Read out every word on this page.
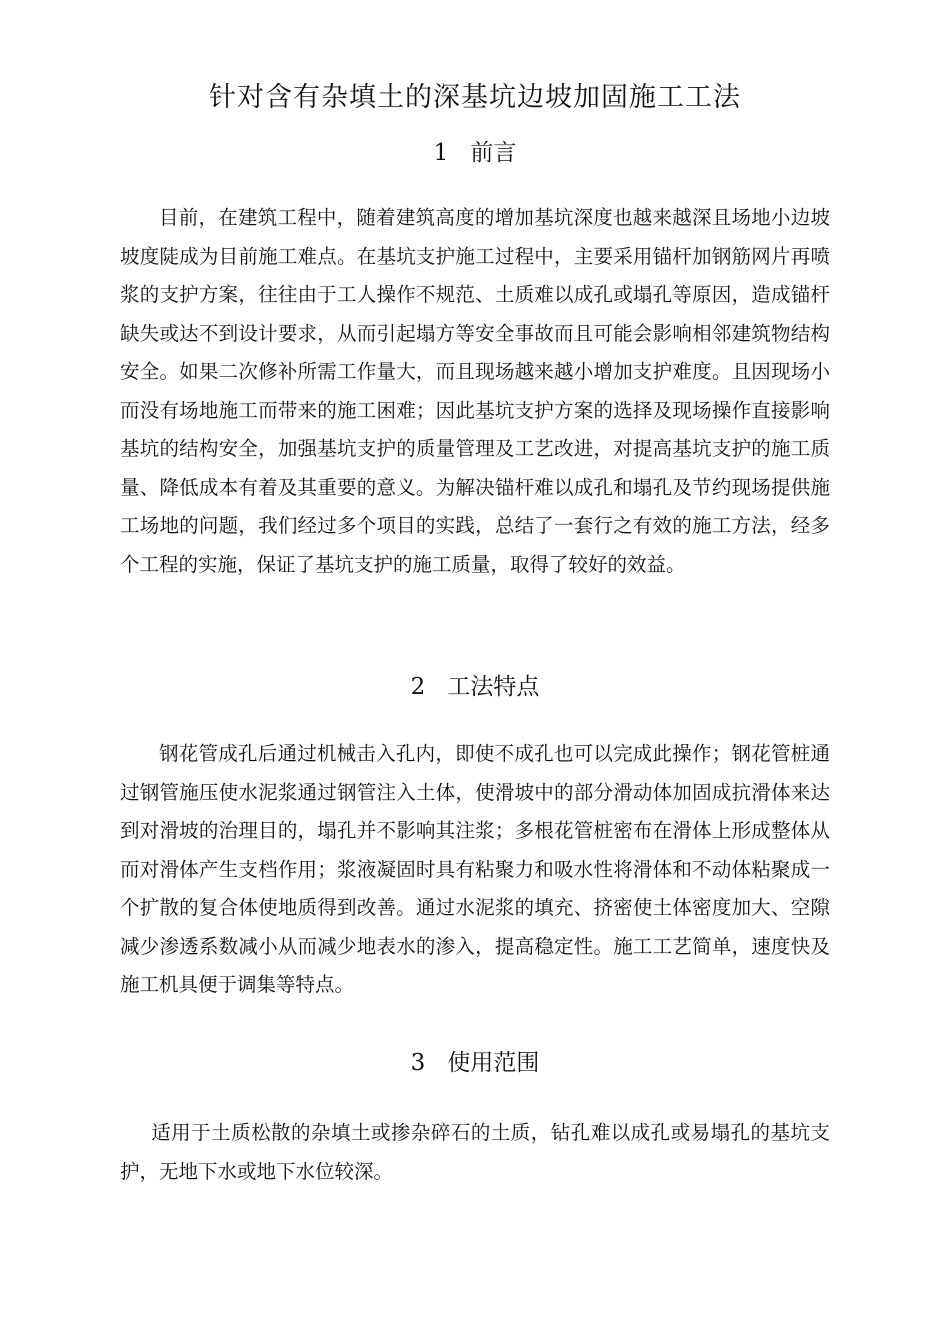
针对含有杂填土的深基坑边坡加固施工工法
1 前言

目前，在建筑工程中，随着建筑高度的增加基坑深度也越来越深且场地小边坡坡度陡成为目前施工难点。在基坑支护施工过程中，主要采用锚杆加钢筋网片再喷浆的支护方案，往往由于工人操作不规范、土质难以成孔或塌孔等原因，造成锚杆缺失或达不到设计要求，从而引起塌方等安全事故而且可能会影响相邻建筑物结构安全。如果二次修补所需工作量大，而且现场越来越小增加支护难度。且因现场小而没有场地施工而带来的施工困难；因此基坑支护方案的选择及现场操作直接影响基坑的结构安全，加强基坑支护的质量管理及工艺改进，对提高基坑支护的施工质量、降低成本有着及其重要的意义。为解决锚杆难以成孔和塌孔及节约现场提供施工场地的问题，我们经过多个项目的实践，总结了一套行之有效的施工方法，经多个工程的实施，保证了基坑支护的施工质量，取得了较好的效益。

2 工法特点

钢花管成孔后通过机械击入孔内，即使不成孔也可以完成此操作；钢花管桩通过钢管施压使水泥浆通过钢管注入土体，使滑坡中的部分滑动体加固成抗滑体来达到对滑坡的治理目的，塌孔并不影响其注浆；多根花管桩密布在滑体上形成整体从而对滑体产生支档作用；浆液凝固时具有粘聚力和吸水性将滑体和不动体粘聚成一个扩散的复合体使地质得到改善。通过水泥浆的填充、挤密使土体密度加大、空隙减少渗透系数减小从而减少地表水的渗入，提高稳定性。施工工艺简单，速度快及施工机具便于调集等特点。

3 使用范围

适用于土质松散的杂填土或掺杂碎石的土质，钻孔难以成孔或易塌孔的基坑支护，无地下水或地下水位较深。
